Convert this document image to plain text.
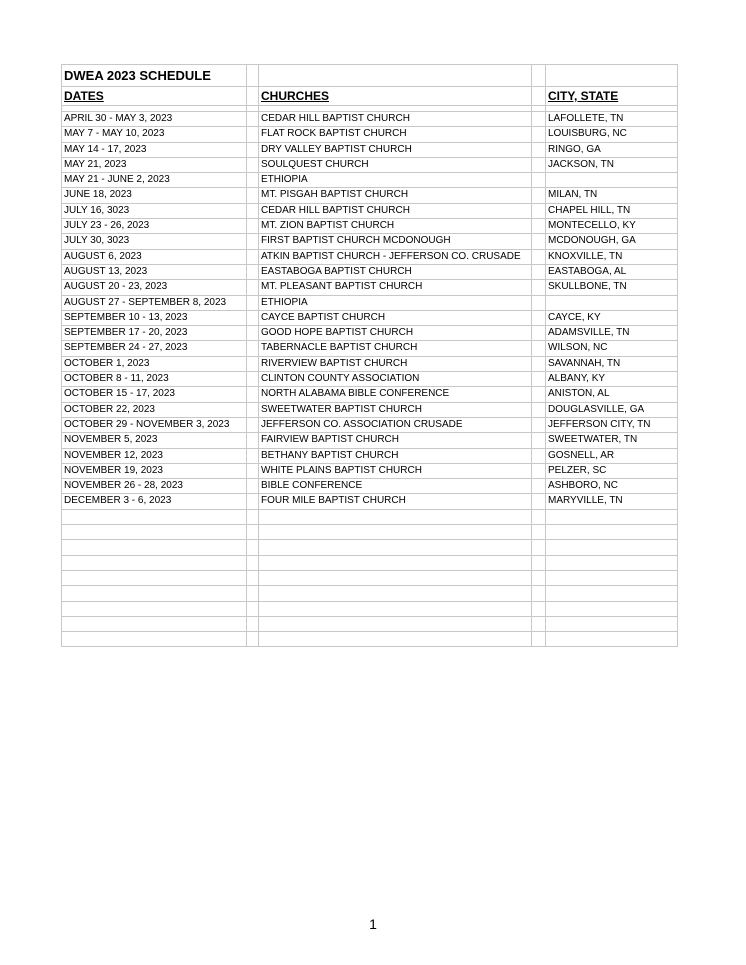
DWEA 2023 SCHEDULE				
DATES		CHURCHES		CITY, STATE

APRIL 30 - MAY 3, 2023		CEDAR HILL BAPTIST CHURCH		LAFOLLETE, TN
MAY 7 - MAY 10, 2023		FLAT ROCK BAPTIST CHURCH		LOUISBURG, NC
MAY 14 - 17, 2023		DRY VALLEY BAPTIST CHURCH		RINGO, GA
MAY 21, 2023		SOULQUEST CHURCH		JACKSON, TN
MAY 21 - JUNE 2, 2023		ETHIOPIA		
JUNE 18, 2023		MT. PISGAH BAPTIST CHURCH		MILAN, TN
JULY 16, 3023		CEDAR HILL BAPTIST CHURCH		CHAPEL HILL, TN
JULY 23 - 26, 2023		MT. ZION BAPTIST CHURCH		MONTECELLO, KY
JULY 30, 3023		FIRST BAPTIST CHURCH MCDONOUGH		MCDONOUGH, GA
AUGUST 6, 2023		ATKIN BAPTIST CHURCH - JEFFERSON CO. CRUSADE		KNOXVILLE, TN
AUGUST 13, 2023		EASTABOGA BAPTIST CHURCH		EASTABOGA, AL
AUGUST 20 - 23, 2023		MT. PLEASANT BAPTIST CHURCH		SKULLBONE, TN
AUGUST 27 - SEPTEMBER 8, 2023		ETHIOPIA		
SEPTEMBER 10 - 13, 2023		CAYCE BAPTIST CHURCH		CAYCE, KY
SEPTEMBER 17 - 20, 2023		GOOD HOPE BAPTIST CHURCH		ADAMSVILLE, TN
SEPTEMBER 24 - 27, 2023		TABERNACLE BAPTIST CHURCH		WILSON, NC
OCTOBER 1, 2023		RIVERVIEW BAPTIST CHURCH		SAVANNAH, TN
OCTOBER 8 - 11, 2023		CLINTON COUNTY ASSOCIATION		ALBANY, KY
OCTOBER 15 - 17, 2023		NORTH ALABAMA BIBLE CONFERENCE		ANISTON, AL
OCTOBER 22, 2023		SWEETWATER BAPTIST CHURCH		DOUGLASVILLE, GA
OCTOBER 29 - NOVEMBER 3, 2023		JEFFERSON CO. ASSOCIATION CRUSADE		JEFFERSON CITY, TN
NOVEMBER 5, 2023		FAIRVIEW BAPTIST CHURCH		SWEETWATER, TN
NOVEMBER 12, 2023		BETHANY BAPTIST CHURCH		GOSNELL, AR
NOVEMBER 19, 2023		WHITE PLAINS BAPTIST CHURCH		PELZER, SC
NOVEMBER 26 - 28, 2023		BIBLE CONFERENCE		ASHBORO, NC
DECEMBER 3 - 6, 2023		FOUR MILE BAPTIST CHURCH		MARYVILLE, TN

1
